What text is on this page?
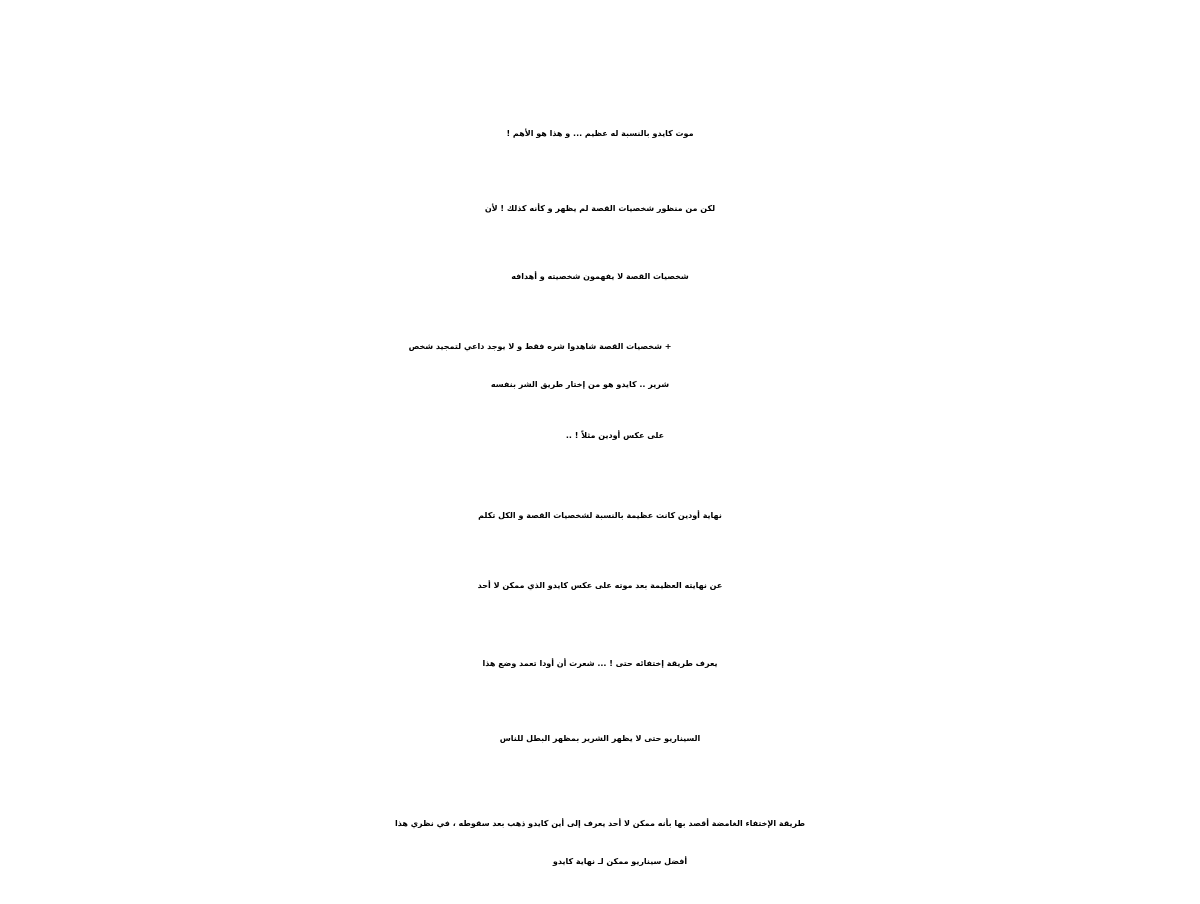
موت كايدو بالنسبة له عظيم ... و هذا هو الأهم !
لكن من منظور شخصيات القصة لم يظهر و كأنه كذلك ! لأن
شخصيات القصة لا يفهمون شخصيته و أهدافه
+ شخصيات القصة شاهدوا شره فقط و لا يوجد داعي لتمجيد شخص
شرير .. كايدو هو من إختار طريق الشر بنفسه
على عكس أودين مثلاً ! ..
نهاية أودين كانت عظيمة بالنسبة لشخصيات القصة و الكل تكلم
عن نهايته العظيمة بعد موته على عكس كايدو الذي ممكن لا أحد
يعرف طريقة إختفائه حتى ! ... شعرت أن أودا تعمد وضع هذا
السيناريو حتى لا يظهر الشرير بمظهر البطل للناس
طريقة الإختفاء الغامضة أقصد بها بأنه ممكن لا أحد يعرف إلى أين كايدو ذهب بعد سقوطه ، في نظري هذا
أفضل سيناريو ممكن لـ نهاية كايدو
